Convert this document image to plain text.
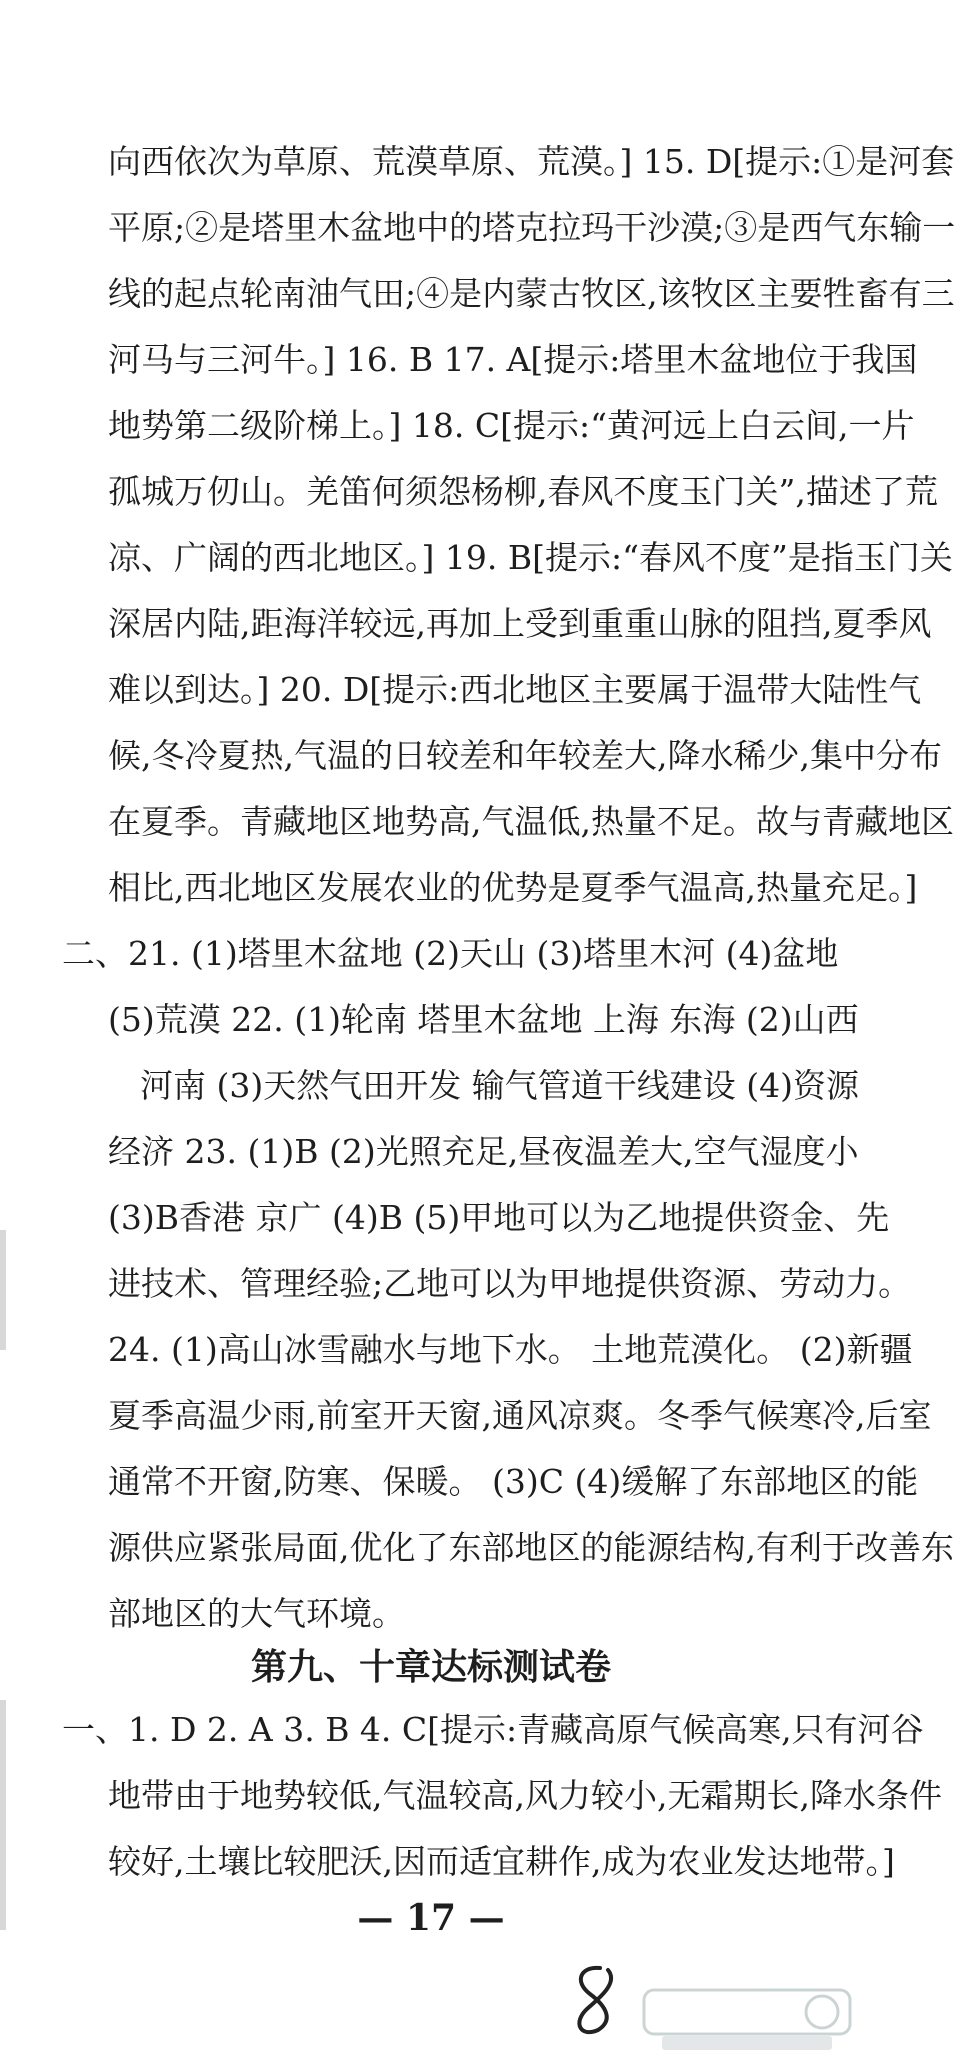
向西依次为草原、荒漠草原、荒漠。] 15. D[提示:①是河套
平原;②是塔里木盆地中的塔克拉玛干沙漠;③是西气东输一
线的起点轮南油气田;④是内蒙古牧区,该牧区主要牲畜有三
河马与三河牛。] 16. B 17. A[提示:塔里木盆地位于我国
地势第二级阶梯上。] 18. C[提示:“黄河远上白云间,一片
孤城万仞山。羌笛何须怨杨柳,春风不度玉门关”,描述了荒
凉、广阔的西北地区。] 19. B[提示:“春风不度”是指玉门关
深居内陆,距海洋较远,再加上受到重重山脉的阻挡,夏季风
难以到达。] 20. D[提示:西北地区主要属于温带大陆性气
候,冬冷夏热,气温的日较差和年较差大,降水稀少,集中分布
在夏季。青藏地区地势高,气温低,热量不足。故与青藏地区
相比,西北地区发展农业的优势是夏季气温高,热量充足。]
二、21. (1)塔里木盆地 (2)天山 (3)塔里木河 (4)盆地
(5)荒漠 22. (1)轮南 塔里木盆地 上海 东海 (2)山西
河南 (3)天然气田开发 输气管道干线建设 (4)资源
经济 23. (1)B (2)光照充足,昼夜温差大,空气湿度小
(3)B香港 京广 (4)B (5)甲地可以为乙地提供资金、先
进技术、管理经验;乙地可以为甲地提供资源、劳动力。
24. (1)高山冰雪融水与地下水。 土地荒漠化。 (2)新疆
夏季高温少雨,前室开天窗,通风凉爽。冬季气候寒冷,后室
通常不开窗,防寒、保暖。 (3)C (4)缓解了东部地区的能
源供应紧张局面,优化了东部地区的能源结构,有利于改善东
部地区的大气环境。
第九、十章达标测试卷
一、1. D 2. A 3. B 4. C[提示:青藏高原气候高寒,只有河谷
地带由于地势较低,气温较高,风力较小,无霜期长,降水条件
较好,土壤比较肥沃,因而适宜耕作,成为农业发达地带。]
— 17 —
